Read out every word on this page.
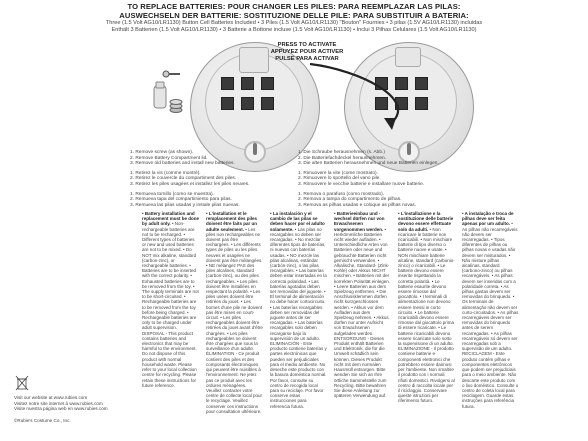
TO REPLACE BATTERIES: POUR CHANGER LES PILES: PARA REEMPLAZAR LAS PILAS:
AUSWECHSELN DER BATTERIE: SOSTITUZIONE DELLE PILE: PARA SUBSTITUIR A BATERIA:
Three (1.5 Volt AG10/LR1130) Button Cell Batteries Included • 3 Piles (1.5 Volt AG10/LR1130) "Bouton" Fournies • 3 pilas (1.5V AG10/LR1130) incluidas
Enthält 3 Batterien (1.5 Volt AG10/LR1130) • 3 Batterie a Bottone incluse (1.5 Volt AG10/LR1130) • Inclui 3 Pilhas Celulares (1.5 Volt AG10/LR1130)
PRESS TO ACTIVATE
APPUYEZ POUR ACTIVER
PULSE PARA ACTIVAR
1. Remove screw (as shown).
2. Remove Battery Compartment lid.
3. Remove old batteries and install new batteries.
1. Retirez la vis (comme montré).
2. Retirez le couvercle du compartiment des piles.
3. Retirez les piles usagées et installez les piles neuves.
1. Remueva tornillo (como se muestra).
2. Remueva tapa del compartimiento para pilas.
3. Remueva las pilas usadas y instale pilas nuevas.
1. Die Schraube herausnehmen (s. Abb.)
2. Die Batteriefachdeckel herausnehmen.
3. Die alten Batterien herausnehmen und neue Batterien einlegen.
1. Rimuovere la vite (come mostrato).
2. Rimuovere lo sportello del vano pile.
3. Rimuovere le vecchie batterie e installare nuove batterie.
1. Remova o parafuso (como mostrado).
2. Remova a tampa do compartimento de pilhas.
3. Remova as pilhas usadas e coloque as pilhas novas.
• Battery installation and replacement must be done by adult only. • Non-rechargeable batteries are not to be recharged. • Different types of batteries or new and used batteries are not to be mixed. • Do NOT mix alkaline, standard (carbon-zinc), or rechargeable batteries. • Batteries are to be inserted with the correct polarity. • Exhausted batteries are to be removed from the toy. • The supply terminals are not to be short-circuited. • Rechargeable batteries are to be removed from the toy before being charged. • Rechargeable batteries are only to be charged under adult supervision. DISPOSAL - This product contains batteries and electronics that may be harmful to the environment. Do not dispose of this product with normal household waste. Please refer to your local collection centre for recycling. Please retain these instructions for future reference.
• L'installation et le remplacement des piles doivent être faits par un adulte seulement. • Les piles non rechargeables ne doivent pas être rechargées. • Les différents types de piles ou les piles neuves et usagées ne doivent pas être mélangées. • NE mélangez PAS des piles alcalines, standard (carbon-zinc), ou des piles rechargeables. • Les piles doivent être installées en respectant la polarité. • Les piles usées doivent être retirées du jouet. • Les bornes d'une pile ne doivent pas être mises en court-circuit. • Les piles rechargeables doivent être retirées du jouet avant d'être chargées. • Les piles rechargeables ne doivent être chargées que sous la surveillance d'un adulte. ÉLIMINATION - Ce produit contient des piles et des composants électroniques qui peuvent être nuisibles à l'environnement. Ne jetez pas ce produit avec les ordures ménagères. Veuillez contacter votre centre de collecte local pour le recyclage. Veuillez conserver ces instructions pour consultation ultérieure.
• La instalación y el cambio de las pilas se deben hacer por el adulto solamente. • Las pilas no recargables no deben ser recargadas. • No mezclar diferentes tipos de baterías, ni nuevas con baterías usadas. • NO mezcle las pilas alcalinas, estándar (carbón-zinc), o las pilas recargables. • Las baterías deben estar insertadas en la correcta polaridad. • Las baterías agotadas deben ser removidas del juguete. • El terminal de alimentación no debe hacer cortocircuito. • Las baterías recargables deben ser removidas del juguete antes de ser recargadas. • Las baterías recargables solo deben recargarse bajo la supervisión de un adulto. ELIMINACIÓN - Este producto contiene baterías y partes electrónicas que pueden ser perjudiciales para el medio ambiente. No deseche este producto con la basura doméstica normal. Por favor, consulte su centro de recogida local para su reciclaje. Por favor conserve estas instrucciones para referencia futura.
• Batterieeinbau und -wechsel dürfen nur von Erwachsenen vorgenommen werden. • Herkömmliche Batterien nicht wieder aufladen. • Unterschiedliche Arten von Batterien oder neue und gebrauchte Batterien nicht gemischt verwenden. • Alkalische, Standard- (Zink-Kohle) oder Akkus NICHT mischen. • Batterien mit der korrekten Polarität einlegen. • Leere Batterien aus dem Spielzeug entfernen. • Die Anschlussklemmen dürfen nicht kurzgeschlossen werden. • Akkus vor dem Aufladen aus dem Spielzeug nehmen. • Akkus dürfen nur unter Aufsicht von Erwachsenen aufgeladen werden. ENTSORGUNG - Dieses Produkt enthält Batterien und Elektronik, die für die Umwelt schädlich sein können. Dieses Produkt nicht mit dem normalen Hausmüll entsorgen. Bitte wenden Sie sich an Ihre örtliche Sammelstelle zum Recycling. Bitte bewahren Sie diese Anleitung zur späteren Verwendung auf.
• L'installazione e la sostituzione delle batterie devono essere effettuate solo da adulti. • Non ricaricare le batterie non ricaricabili. • Non mischiare batterie di tipo diverso o batterie nuove e usate. • NON mischiare batterie alcaline, standard (carbonio-zinco) o ricaricabili. • Le batterie devono essere inserite rispettando la corretta polarità. • Le batterie esaurite devono essere rimosse dal giocattolo. • I terminali di alimentazione non devono essere messi in corto circuito. • Le batterie ricaricabili devono essere rimosse dal giocattolo prima di essere ricaricate. • Le batterie ricaricabili devono essere ricaricate solo sotto la supervisione di un adulto. ELIMINAZIONE - Il prodotto contiene batterie e componenti elettronici che potrebbero essere dannosi per l'ambiente. Non smaltire il prodotto con i normali rifiuti domestici. Rivolgersi al centro di raccolta locale per il riciclaggio. Conservare queste istruzioni per riferimento futuro.
• A instalação e troca de pilhas deve ser feita apenas por um adulto. • As pilhas não recarregáveis não devem ser recarregadas. • Tipos diferentes de pilhas ou pilhas novas e usadas não devem ser misturados. • Não misture pilhas alcalinas, standard (carbono-zinco) ou pilhas recarregáveis. • As pilhas devem ser inseridas com a polaridade correta. • As pilhas gastas devem ser removidas do brinquedo. • Os terminais de alimentação não devem ser curto-circuitados. • As pilhas recarregáveis devem ser removidas do brinquedo antes de serem recarregadas. • As pilhas recarregáveis só devem ser recarregadas sob a supervisão de um adulto. RECICLAGEM - Este produto contém pilhas e componentes eletrônicos que podem ser prejudiciais para o meio ambiente. Não descarte este produto com o lixo doméstico. Consulte o centro de coleta local para reciclagem. Guarde estas instruções para referência futura.
Visit our website at www.rubies.com
Visitez notre site internet à www.rubies.com
Visite nuestra página web en www.rubies.com
©Rubie's Costume Co., Inc.
